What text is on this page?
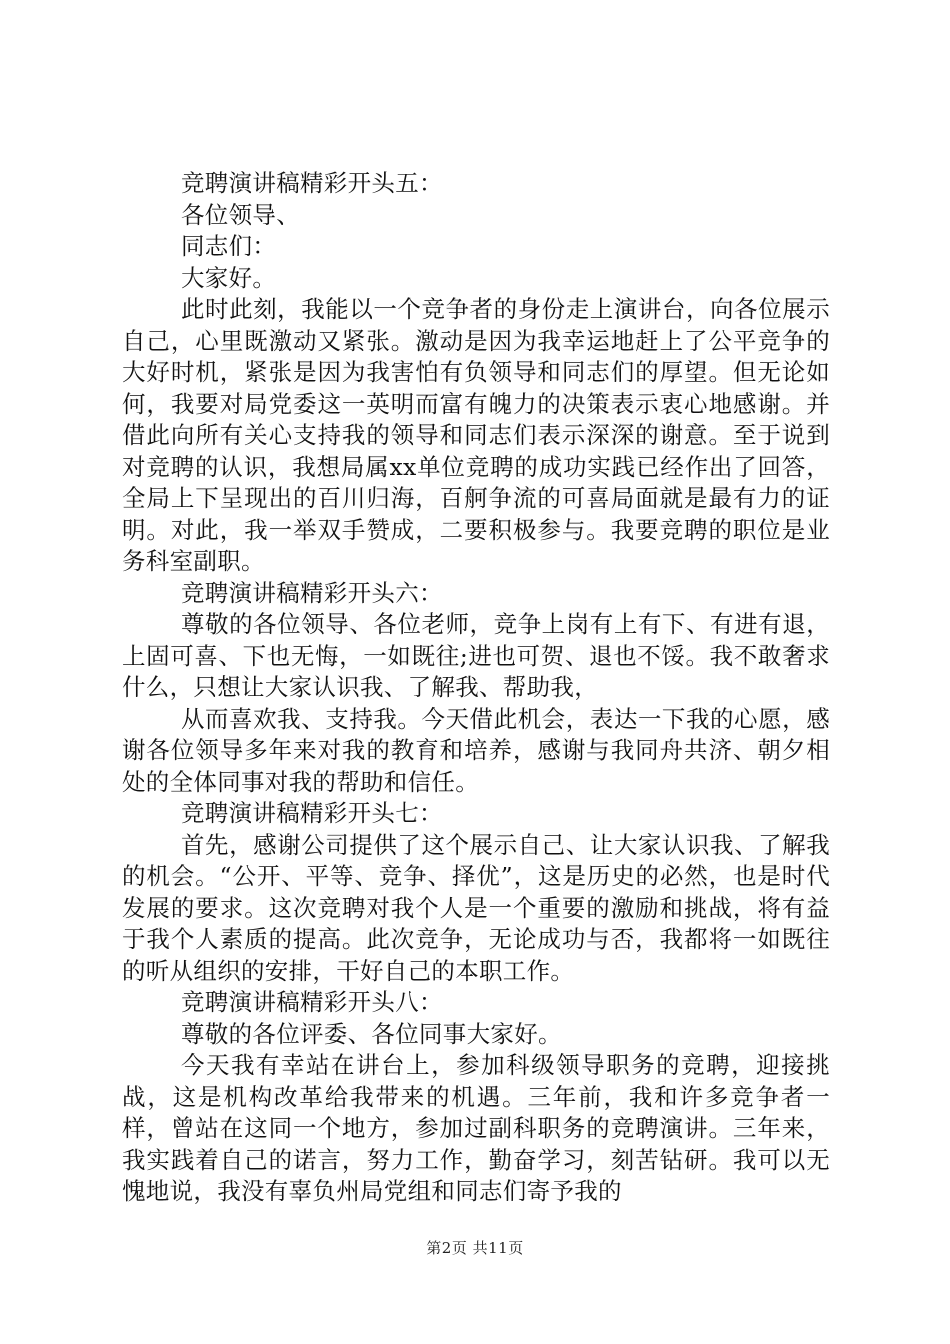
竞聘演讲稿精彩开头五：

各位领导、

同志们：

大家好。

此时此刻，我能以一个竞争者的身份走上演讲台，向各位展示自己，心里既激动又紧张。激动是因为我幸运地赶上了公平竞争的大好时机，紧张是因为我害怕有负领导和同志们的厚望。但无论如何，我要对局党委这一英明而富有魄力的决策表示衷心地感谢。并借此向所有关心支持我的领导和同志们表示深深的谢意。至于说到对竞聘的认识，我想局属xx单位竞聘的成功实践已经作出了回答，全局上下呈现出的百川归海，百舸争流的可喜局面就是最有力的证明。对此，我一举双手赞成，二要积极参与。我要竞聘的职位是业务科室副职。

竞聘演讲稿精彩开头六：

尊敬的各位领导、各位老师，竞争上岗有上有下、有进有退，上固可喜、下也无悔，一如既往;进也可贺、退也不馁。我不敢奢求什么，只想让大家认识我、了解我、帮助我，

从而喜欢我、支持我。今天借此机会，表达一下我的心愿，感谢各位领导多年来对我的教育和培养，感谢与我同舟共济、朝夕相处的全体同事对我的帮助和信任。

竞聘演讲稿精彩开头七：

首先，感谢公司提供了这个展示自己、让大家认识我、了解我的机会。“公开、平等、竞争、择优”，这是历史的必然，也是时代发展的要求。这次竞聘对我个人是一个重要的激励和挑战，将有益于我个人素质的提高。此次竞争，无论成功与否，我都将一如既往的听从组织的安排，干好自己的本职工作。

竞聘演讲稿精彩开头八：

尊敬的各位评委、各位同事大家好。

今天我有幸站在讲台上，参加科级领导职务的竞聘，迎接挑战，这是机构改革给我带来的机遇。三年前，我和许多竞争者一样，曾站在这同一个地方，参加过副科职务的竞聘演讲。三年来，我实践着自己的诺言，努力工作，勤奋学习，刻苦钻研。我可以无愧地说，我没有辜负州局党组和同志们寄予我的

第2页 共11页
